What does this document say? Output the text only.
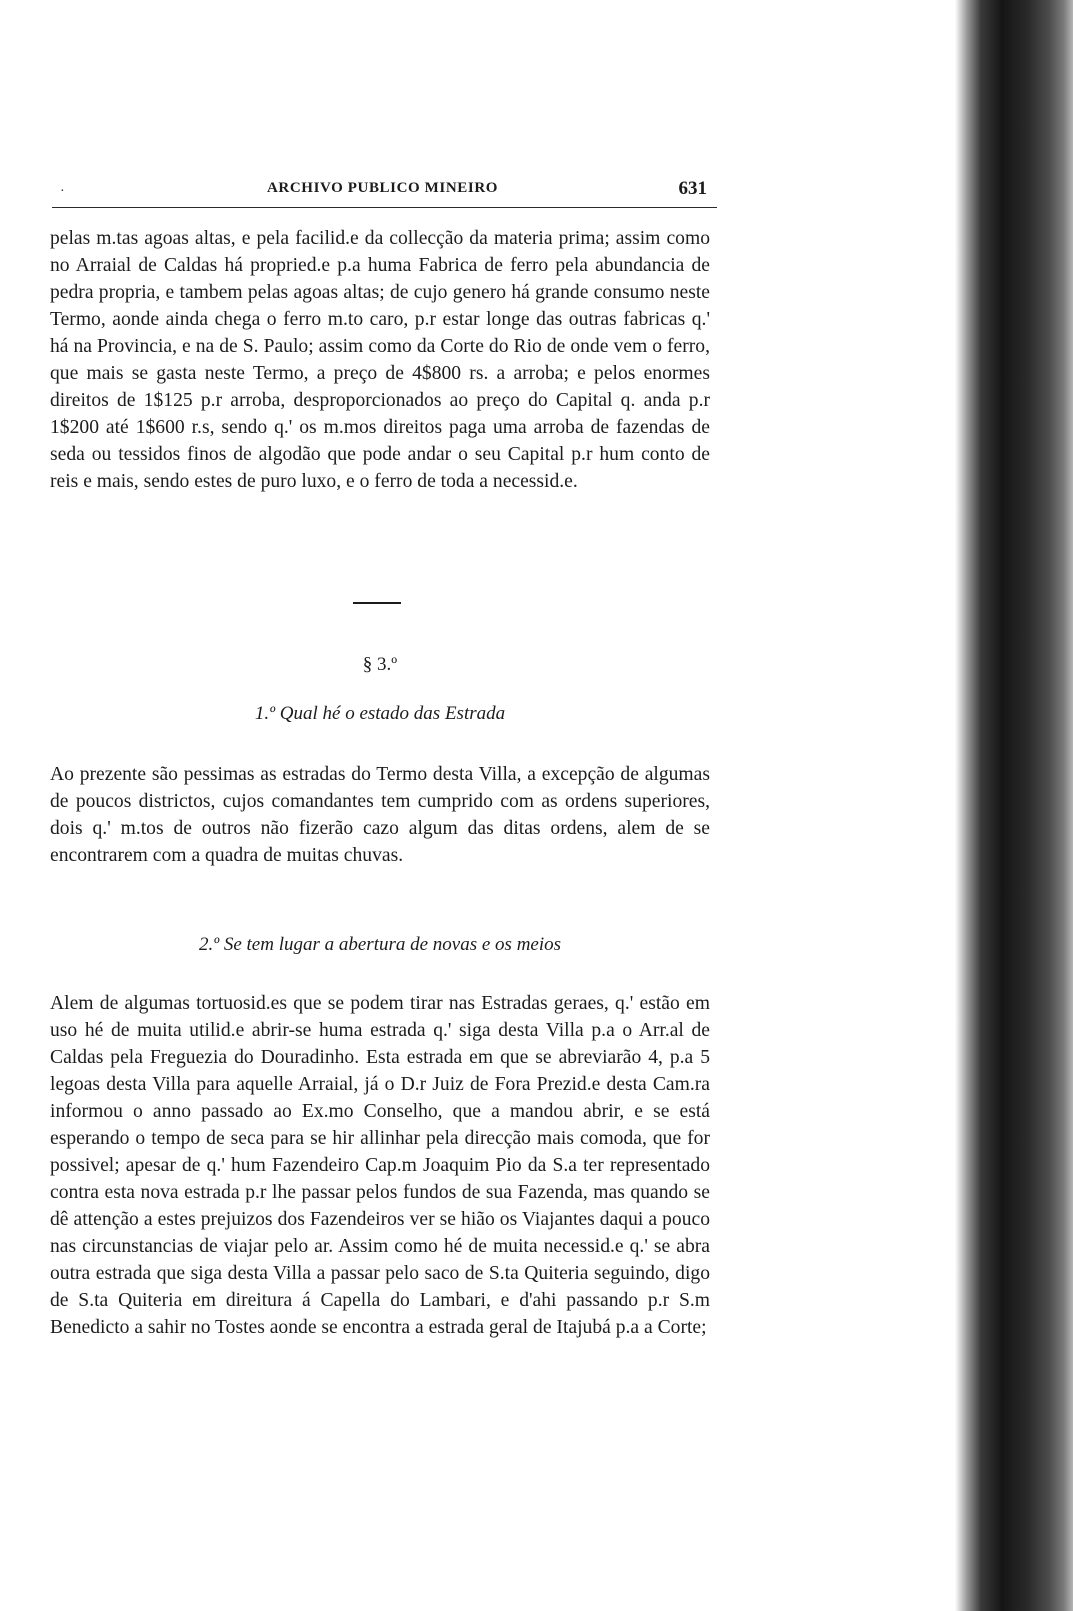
·	ARCHIVO PUBLICO MINEIRO	631

pelas m.tas agoas altas, e pela facilid.e da collecção da materia prima; assim como no Arraial de Caldas há propried.e p.a huma Fabrica de ferro pela abundancia de pedra propria, e tambem pelas agoas altas; de cujo genero há grande consumo neste Termo, aonde ainda chega o ferro m.to caro, p.r estar longe das outras fabricas q.' há na Provincia, e na de S. Paulo; assim como da Corte do Rio de onde vem o ferro, que mais se gasta neste Termo, a preço de 4$800 rs. a arroba; e pelos enormes direitos de 1$125 p.r arroba, desproporcionados ao preço do Capital q. anda p.r 1$200 até 1$600 r.s, sendo q.' os m.mos direitos paga uma arroba de fazendas de seda ou tessidos finos de algodão que pode andar o seu Capital p.r hum conto de reis e mais, sendo estes de puro luxo, e o ferro de toda a necessid.e.

§ 3.º
1.º Qual hé o estado das Estrada

Ao prezente são pessimas as estradas do Termo desta Villa, a excepção de algumas de poucos districtos, cujos comandantes tem cumprido com as ordens superiores, dois q.' m.tos de outros não fizerão cazo algum das ditas ordens, alem de se encontrarem com a quadra de muitas chuvas.

2.º Se tem lugar a abertura de novas e os meios

Alem de algumas tortuosid.es que se podem tirar nas Estradas geraes, q.' estão em uso hé de muita utilid.e abrir-se huma estrada q.' siga desta Villa p.a o Arr.al de Caldas pela Freguezia do Douradinho. Esta estrada em que se abreviarão 4, p.a 5 legoas desta Villa para aquelle Arraial, já o D.r Juiz de Fora Prezid.e desta Cam.ra informou o anno passado ao Ex.mo Conselho, que a mandou abrir, e se está esperando o tempo de seca para se hir allinhar pela direcção mais comoda, que for possivel; apesar de q.' hum Fazendeiro Cap.m Joaquim Pio da S.a ter representado contra esta nova estrada p.r lhe passar pelos fundos de sua Fazenda, mas quando se dê attenção a estes prejuizos dos Fazendeiros ver se hião os Viajantes daqui a pouco nas circunstancias de viajar pelo ar. Assim como hé de muita necessid.e q.' se abra outra estrada que siga desta Villa a passar pelo saco de S.ta Quiteria seguindo, digo de S.ta Quiteria em direitura á Capella do Lambari, e d'ahi passando p.r S.m Benedicto a sahir no Tostes aonde se encontra a estrada geral de Itajubá p.a a Corte;
